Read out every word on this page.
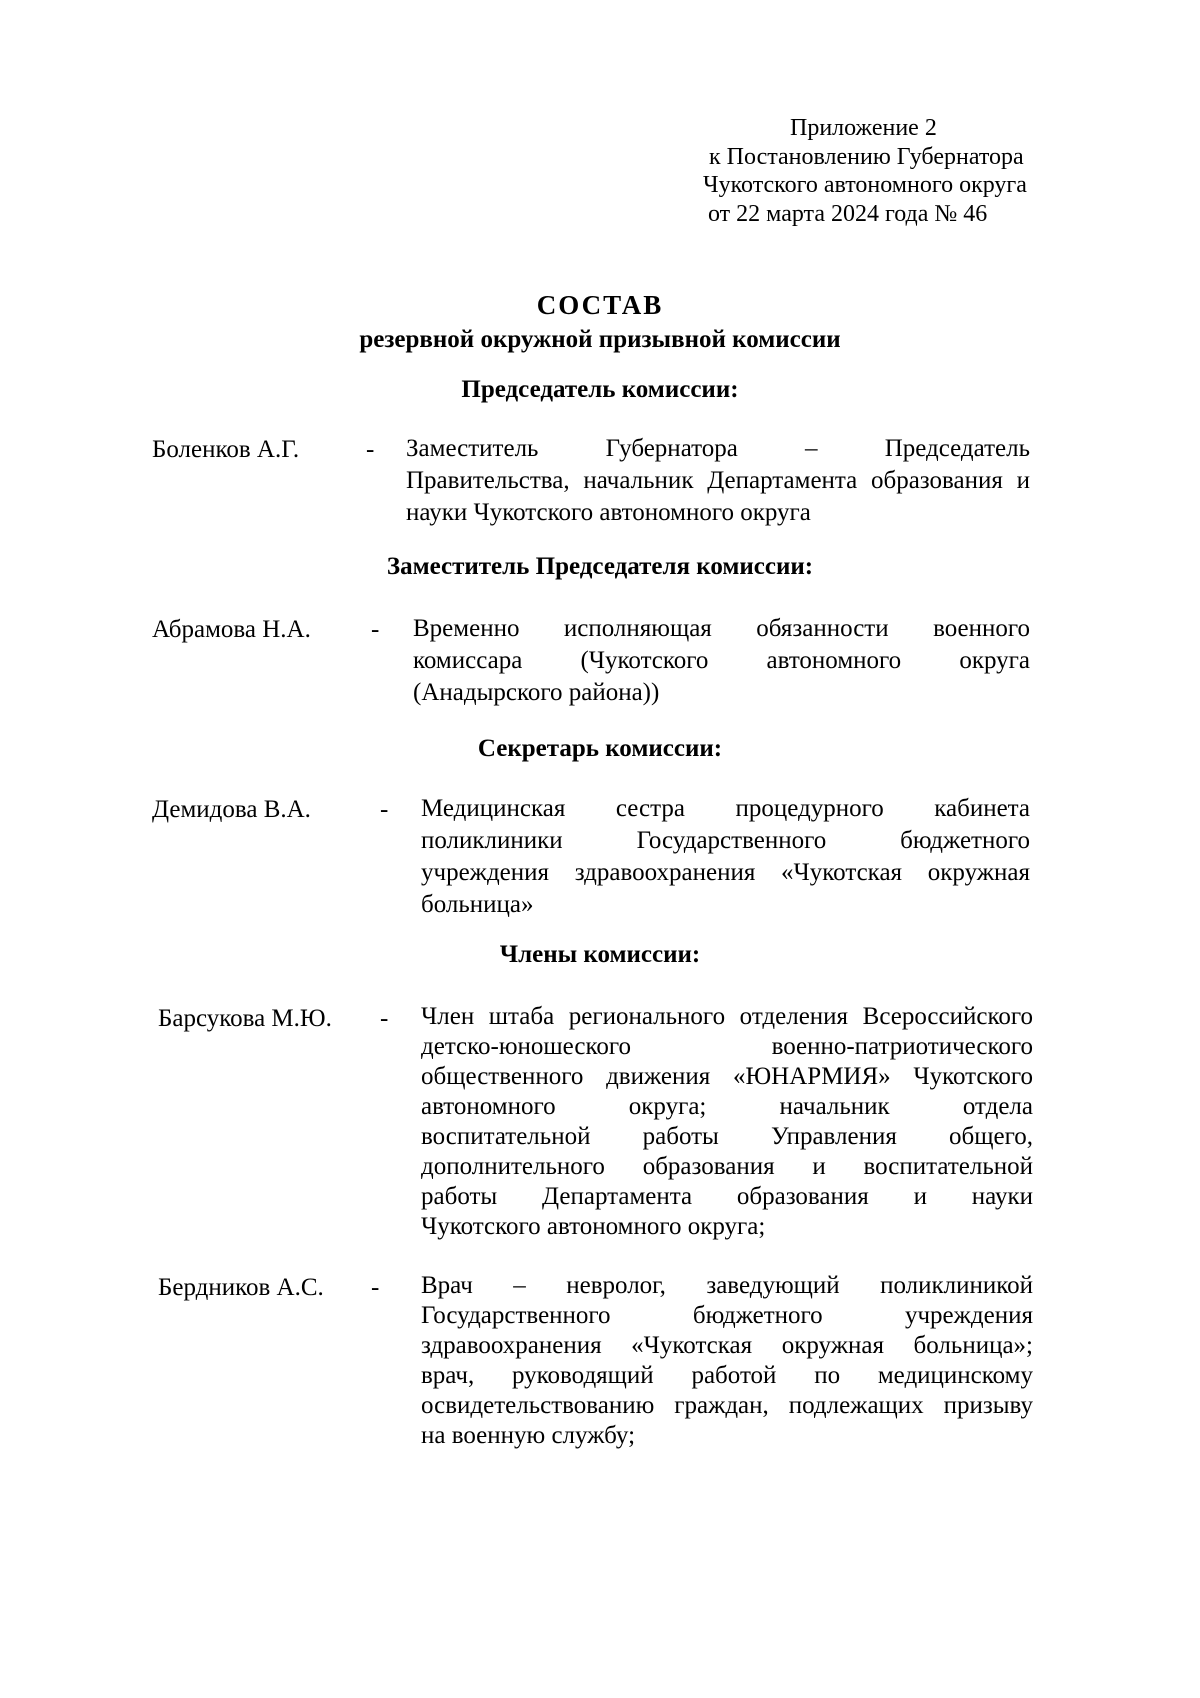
Приложение 2
к Постановлению Губернатора
Чукотского автономного округа
от 22 марта 2024 года № 46
СОСТАВ
резервной окружной призывной комиссии
Председатель комиссии:
Боленков А.Г.	- Заместитель Губернатора – Председатель
Правительства, начальник Департамента образования и
науки Чукотского автономного округа
Заместитель Председателя комиссии:
Абрамова Н.А. - Временно исполняющая обязанности военного
комиссара (Чукотского автономного округа
(Анадырского района))
Секретарь комиссии:
Демидова В.А.	- Медицинская сестра процедурного кабинета
поликлиники Государственного бюджетного
учреждения здравоохранения «Чукотская окружная
больница»
Члены комиссии:
Барсукова М.Ю. - Член штаба регионального отделения Всероссийского
детско-юношеского военно-патриотического
общественного движения «ЮНАРМИЯ» Чукотского
автономного округа; начальник отдела
воспитательной работы Управления общего,
дополнительного образования и воспитательной
работы Департамента образования и науки
Чукотского автономного округа;
Бердников А.С. - Врач – невролог, заведующий поликлиникой
Государственного бюджетного учреждения
здравоохранения «Чукотская окружная больница»;
врач, руководящий работой по медицинскому
освидетельствованию граждан, подлежащих призыву
на военную службу;
